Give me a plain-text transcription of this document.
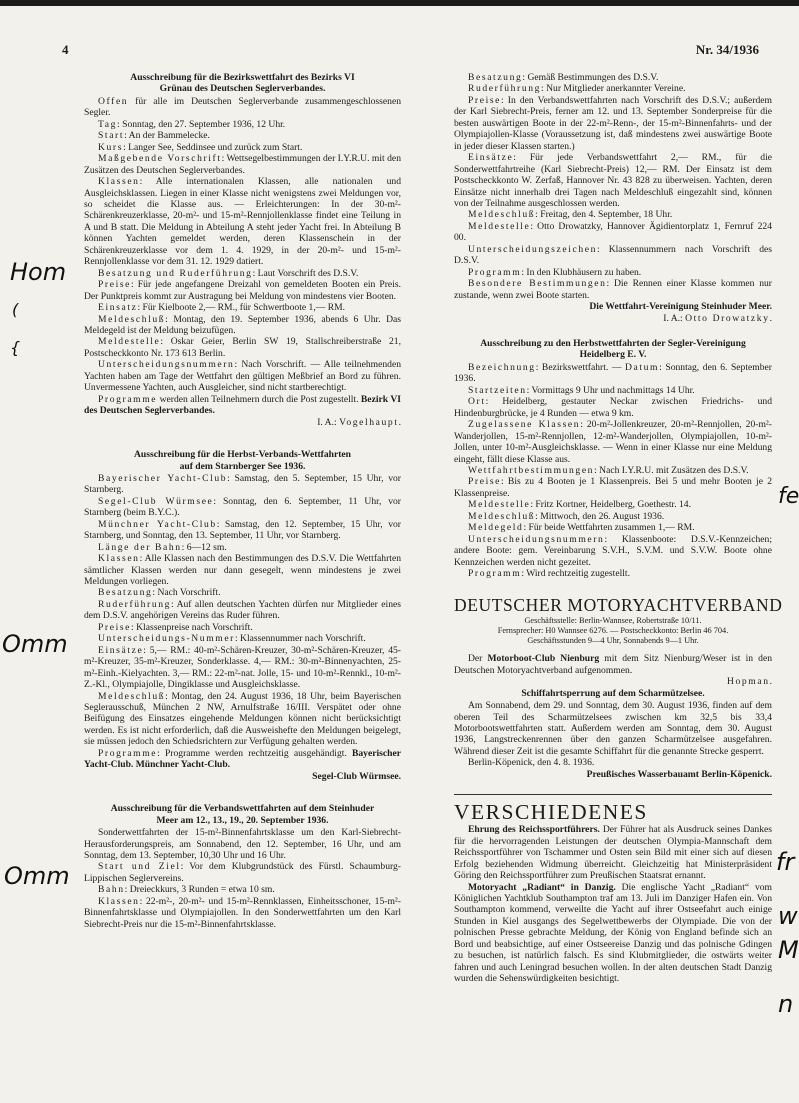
4	Nr. 34/1936

Ausschreibung für die Bezirkswettfahrt des Bezirks VI
Grünau des Deutschen Seglerverbandes.

Offen für alle im Deutschen Seglerverbande zusammengeschlossenen Segler.

Tag: Sonntag, den 27. September 1936, 12 Uhr.

Start: An der Bammelecke.

Kurs: Langer See, Seddinsee und zurück zum Start.

Maßgebende Vorschrift: Wettsegelbestimmungen der I.Y.R.U. mit den Zusätzen des Deutschen Seglerverbandes.

Klassen: Alle internationalen Klassen, alle nationalen und Ausgleichsklassen. Liegen in einer Klasse nicht wenigstens zwei Meldungen vor, so scheidet die Klasse aus. — Erleichterungen: In der 30-m²-Schärenkreuzerklasse, 20-m²- und 15-m²-Rennjollenklasse findet eine Teilung in A und B statt. Die Meldung in Abteilung A steht jeder Yacht frei. In Abteilung B können Yachten gemeldet werden, deren Klassenschein in der Schärenkreuzerklasse vor dem 1. 4. 1929, in der 20-m²- und 15-m²-Rennjollenklasse vor dem 31. 12. 1929 datiert.

Besatzung und Ruderführung: Laut Vorschrift des D.S.V.

Preise: Für jede angefangene Dreizahl von gemeldeten Booten ein Preis. Der Punktpreis kommt zur Austragung bei Meldung von mindestens vier Booten.

Einsatz: Für Kielboote 2,— RM., für Schwertboote 1,— RM.

Meldeschluß: Montag, den 19. September 1936, abends 6 Uhr. Das Meldegeld ist der Meldung beizufügen.

Meldestelle: Oskar Geier, Berlin SW 19, Stallschreiberstraße 21, Postscheckkonto Nr. 173 613 Berlin.

Unterscheidungsnummern: Nach Vorschrift. — Alle teilnehmenden Yachten haben am Tage der Wettfahrt den gültigen Meßbrief an Bord zu führen. Unvermessene Yachten, auch Ausgleicher, sind nicht startberechtigt.

Programme werden allen Teilnehmern durch die Post zugestellt. Bezirk VI des Deutschen Seglerverbandes.

I. A.: Vogelhaupt.

Ausschreibung für die Herbst-Verbands-Wettfahrten
auf dem Starnberger See 1936.

Bayerischer Yacht-Club: Samstag, den 5. September, 15 Uhr, vor Starnberg.

Segel-Club Würmsee: Sonntag, den 6. September, 11 Uhr, vor Starnberg (beim B.Y.C.).

Münchner Yacht-Club: Samstag, den 12. September, 15 Uhr, vor Starnberg, und Sonntag, den 13. September, 11 Uhr, vor Starnberg.

Länge der Bahn: 6—12 sm.

Klassen: Alle Klassen nach den Bestimmungen des D.S.V. Die Wettfahrten sämtlicher Klassen werden nur dann gesegelt, wenn mindestens je zwei Meldungen vorliegen.

Besatzung: Nach Vorschrift.

Ruderführung: Auf allen deutschen Yachten dürfen nur Mitglieder eines dem D.S.V. angehörigen Vereins das Ruder führen.

Preise: Klassenpreise nach Vorschrift.

Unterscheidungs-Nummer: Klassennummer nach Vorschrift.

Einsätze: 5,— RM.: 40-m²-Schären-Kreuzer, 30-m²-Schären-Kreuzer, 45-m²-Kreuzer, 35-m²-Kreuzer, Sonderklasse. 4,— RM.: 30-m²-Binnenyachten, 25-m²-Einh.-Kielyachten. 3,— RM.: 22-m²-nat. Jolle, 15- und 10-m²-Rennkl., 10-m²-Z.-Kl., Olympiajolle, Dingiklasse und Ausgleichsklasse.

Meldeschluß: Montag, den 24. August 1936, 18 Uhr, beim Bayerischen Seglerausschuß, München 2 NW, Arnulfstraße 16/III. Verspätet oder ohne Beifügung des Einsatzes eingehende Meldungen können nicht berücksichtigt werden. Es ist nicht erforderlich, daß die Ausweishefte den Meldungen beigelegt, sie müssen jedoch den Schiedsrichtern zur Verfügung gehalten werden.

Programme: Programme werden rechtzeitig ausgehändigt. Bayerischer Yacht-Club. Münchner Yacht-Club.

Segel-Club Würmsee.

Ausschreibung für die Verbandswettfahrten auf dem Steinhuder
Meer am 12., 13., 19., 20. September 1936.

Sonderwettfahrten der 15-m²-Binnenfahrtsklasse um den Karl-Siebrecht-Herausforderungspreis, am Sonnabend, den 12. September, 16 Uhr, und am Sonntag, dem 13. September, 10,30 Uhr und 16 Uhr.

Start und Ziel: Vor dem Klubgrundstück des Fürstl. Schaumburg-Lippischen Seglervereins.

Bahn: Dreieckkurs, 3 Runden = etwa 10 sm.

Klassen: 22-m²-, 20-m²- und 15-m²-Rennklassen, Einheitsschoner, 15-m²-Binnenfahrtsklasse und Olympiajollen. In den Sonderwettfahrten um den Karl Siebrecht-Preis nur die 15-m²-Binnenfahrtsklasse.

Besatzung: Gemäß Bestimmungen des D.S.V.

Ruderführung: Nur Mitglieder anerkannter Vereine.

Preise: In den Verbandswettfahrten nach Vorschrift des D.S.V.; außerdem der Karl Siebrecht-Preis, ferner am 12. und 13. September Sonderpreise für die besten auswärtigen Boote in der 22-m²-Renn-, der 15-m²-Binnenfahrts- und der Olympiajollen-Klasse (Voraussetzung ist, daß mindestens zwei auswärtige Boote in jeder dieser Klassen starten.)

Einsätze: Für jede Verbandswettfahrt 2,— RM., für die Sonderwettfahrtreihe (Karl Siebrecht-Preis) 12,— RM. Der Einsatz ist dem Postscheckkonto W. Zerfaß, Hannover Nr. 43 828 zu überweisen. Yachten, deren Einsätze nicht innerhalb drei Tagen nach Meldeschluß eingezahlt sind, können von der Teilnahme ausgeschlossen werden.

Meldeschluß: Freitag, den 4. September, 18 Uhr.

Meldestelle: Otto Drowatzky, Hannover Ägidientorplatz 1, Fernruf 224 00.

Unterscheidungszeichen: Klassennummern nach Vorschrift des D.S.V.

Programm: In den Klubhäusern zu haben.

Besondere Bestimmungen: Die Rennen einer Klasse kommen nur zustande, wenn zwei Boote starten.

Die Wettfahrt-Vereinigung Steinhuder Meer.

I. A.: Otto Drowatzky.

Ausschreibung zu den Herbstwettfahrten der Segler-Vereinigung
Heidelberg E. V.

Bezeichnung: Bezirkswettfahrt. — Datum: Sonntag, den 6. September 1936.

Startzeiten: Vormittags 9 Uhr und nachmittags 14 Uhr.

Ort: Heidelberg, gestauter Neckar zwischen Friedrichs- und Hindenburgbrücke, je 4 Runden — etwa 9 km.

Zugelassene Klassen: 20-m²-Jollenkreuzer, 20-m²-Rennjollen, 20-m²-Wanderjollen, 15-m²-Rennjollen, 12-m²-Wanderjollen, Olympiajollen, 10-m²-Jollen, unter 10-m²-Ausgleichsklasse. — Wenn in einer Klasse nur eine Meldung eingeht, fällt diese Klasse aus.

Wettfahrtbestimmungen: Nach I.Y.R.U. mit Zusätzen des D.S.V.

Preise: Bis zu 4 Booten je 1 Klassenpreis. Bei 5 und mehr Booten je 2 Klassenpreise.

Meldestelle: Fritz Kortner, Heidelberg, Goethestr. 14.

Meldeschluß: Mittwoch, den 26. August 1936.

Meldegeld: Für beide Wettfahrten zusammen 1,— RM.

Unterscheidungsnummern: Klassenboote: D.S.V.-Kennzeichen; andere Boote: gem. Vereinbarung S.V.H., S.V.M. und S.V.W. Boote ohne Kennzeichen werden nicht gezeitet.

Programm: Wird rechtzeitig zugestellt.

DEUTSCHER MOTORYACHTVERBAND

Geschäftsstelle: Berlin-Wannsee, Robertstraße 10/11.
Fernsprecher: H0 Wannsee 6276. — Postscheckkonto: Berlin 46 704.
Geschäftsstunden 9—4 Uhr, Sonnabends 9—1 Uhr.

Der Motorboot-Club Nienburg mit dem Sitz Nienburg/Weser ist in den Deutschen Motoryachtverband aufgenommen.

Hopman.

Schiffahrtsperrung auf dem Scharmützelsee.

Am Sonnabend, dem 29. und Sonntag, dem 30. August 1936, finden auf dem oberen Teil des Scharmützelsees zwischen km 32,5 bis 33,4 Motorbootswettfahrten statt. Außerdem werden am Sonntag, dem 30. August 1936, Langstreckenrennen über den ganzen Scharmützelsee ausgefahren. Während dieser Zeit ist die gesamte Schiffahrt für die genannte Strecke gesperrt.

Berlin-Köpenick, den 4. 8. 1936.

Preußisches Wasserbauamt Berlin-Köpenick.

VERSCHIEDENES

Ehrung des Reichssportführers. Der Führer hat als Ausdruck seines Dankes für die hervorragenden Leistungen der deutschen Olympia-Mannschaft dem Reichssportführer von Tschammer und Osten sein Bild mit einer sich auf diesen Erfolg beziehenden Widmung überreicht. Gleichzeitig hat Ministerpräsident Göring den Reichssportführer zum Preußischen Staatsrat ernannt.

Motoryacht „Radiant“ in Danzig. Die englische Yacht „Radiant“ vom Königlichen Yachtklub Southampton traf am 13. Juli im Danziger Hafen ein. Von Southampton kommend, verweilte die Yacht auf ihrer Ostseefahrt auch einige Stunden in Kiel ausgangs des Segelwettbewerbs der Olympiade. Die von der polnischen Presse gebrachte Meldung, der König von England befinde sich an Bord und beabsichtige, auf einer Ostseereise Danzig und das polnische Gdingen zu besuchen, ist natürlich falsch. Es sind Klubmitglieder, die ostwärts weiter fahren und auch Leningrad besuchen wollen. In der alten deutschen Stadt Danzig wurden die Sehenswürdigkeiten besichtigt.

Hom
(
{
Omm
Omm
fe
fr
w
M
n
